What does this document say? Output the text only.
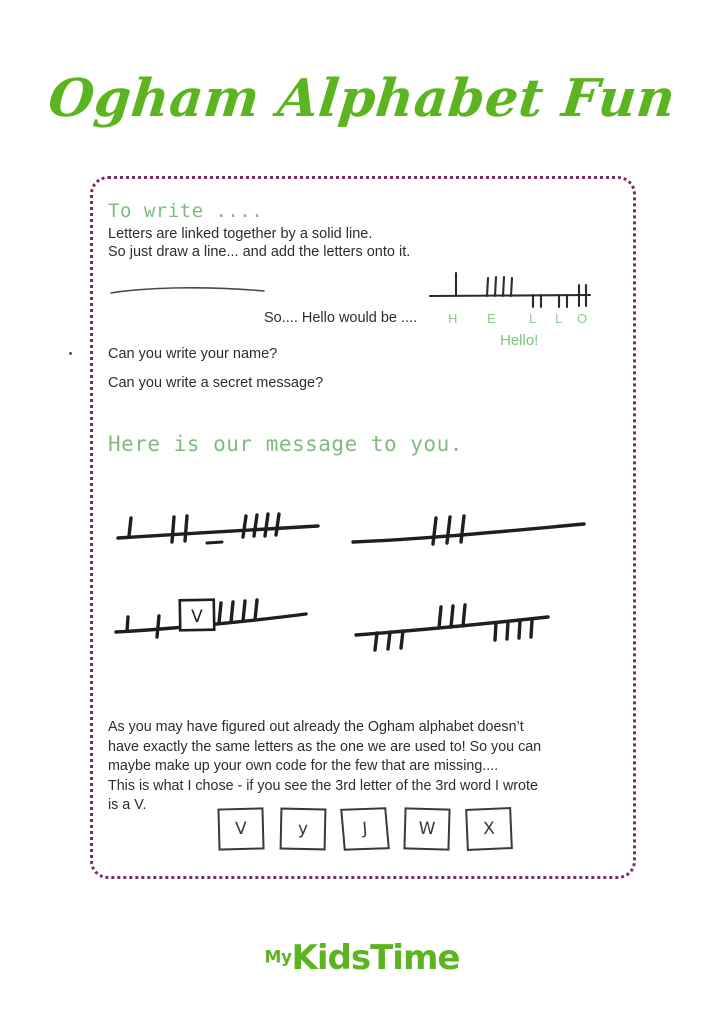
Ogham Alphabet Fun
To write ....
Letters are linked together by a solid line.
So just draw a line... and add the letters onto it.
So.... Hello would be .... H E	L L O
Hello!
Can you write your name?
Can you write a secret message?
Here is our message to you.
V
As you may have figured out already the Ogham alphabet doesn’t
have exactly the same letters as the one we are used to! So you can
maybe make up your own code for the few that are missing....
This is what I chose - if you see the 3rd letter of the 3rd word I wrote
is a V.
V	y	J	W	X
MyKidsTime
